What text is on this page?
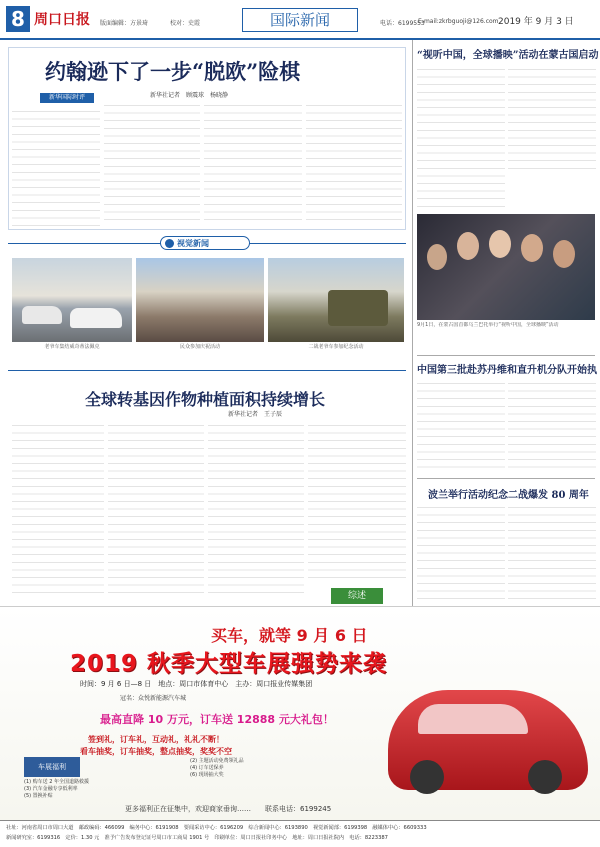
8 周口日报 版面编辑：方景琦	校对：史霞	国际新闻	电话：6199553
E-mail:zkrbguoji@126.com 2019 年 9 月 3 日
约翰逊下了一步“脱欧”险棋
新华国际时评	新华社记者　顾震球　杨晓静
视觉新闻
老爷车集结威奇蒂法佩克	民众参加庆祝活动	二战老爷车参加纪念活动
全球转基因作物种植面积持续增长
新华社记者　王子辰
综述
“视听中国，全球播映”活动在蒙古国启动
9月1日，在蒙古国首都乌兰巴托举行“视听中国，全球播映”活动
中国第三批赴苏丹维和直升机分队开始执
波兰举行活动纪念二战爆发 80 周年
买车，就等 9 月 6 日
2019 秋季大型车展强势来袭
时间：9 月 6 日—8 日　地点：周口市体育中心　主办：周口报业传媒集团
冠名：众悦新能源汽车城
最高直降 10 万元，订车送 12888 元大礼包！
签到礼，订车礼，互动礼，礼礼不断！
看车抽奖，订车抽奖，整点抽奖，奖奖不空
车展福利
(1) 购车送 2 年全国道路救援
(3) 汽车金融专享低利率
(5) 置换补贴
(2) 主题活动免费领礼品
(4) 订车送保养
(6) 现场抽大奖
更多福利正在征集中，欢迎商家垂询……　　联系电话：6199245
社址：河南省周口市周口大道　邮政编码：466099　编务中心：6191908　要闻采访中心：6196209　综合新闻中心：6193890　视觉新闻部：6199398　融媒体中心：6609333
新闻研究室：6199316　定价：1.30 元　准予广告发布登记证号周口市工商局 1901 号　印刷单位：周口日报社印务中心　地址：周口日报社院内　电话：8223387
